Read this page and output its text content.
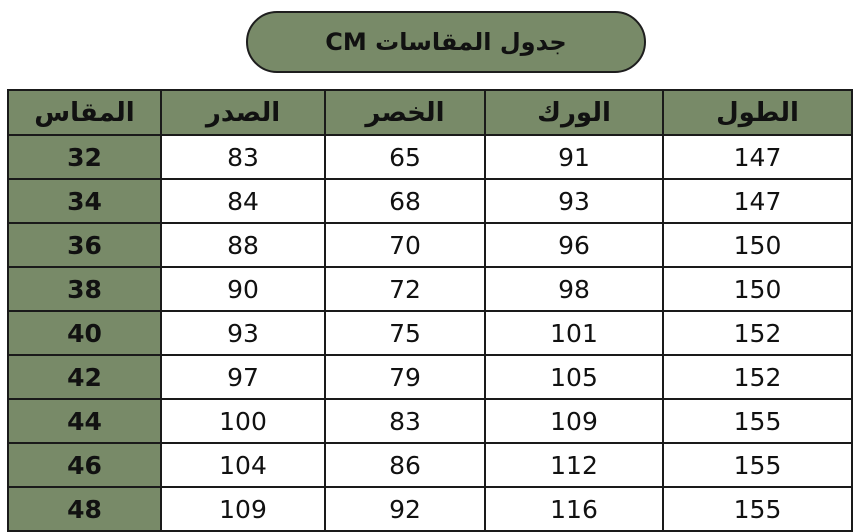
جدول المقاسات CM
المقاس	الصدر	الخصر	الورك	الطول
32	83	65	91	147
34	84	68	93	147
36	88	70	96	150
38	90	72	98	150
40	93	75	101	152
42	97	79	105	152
44	100	83	109	155
46	104	86	112	155
48	109	92	116	155
